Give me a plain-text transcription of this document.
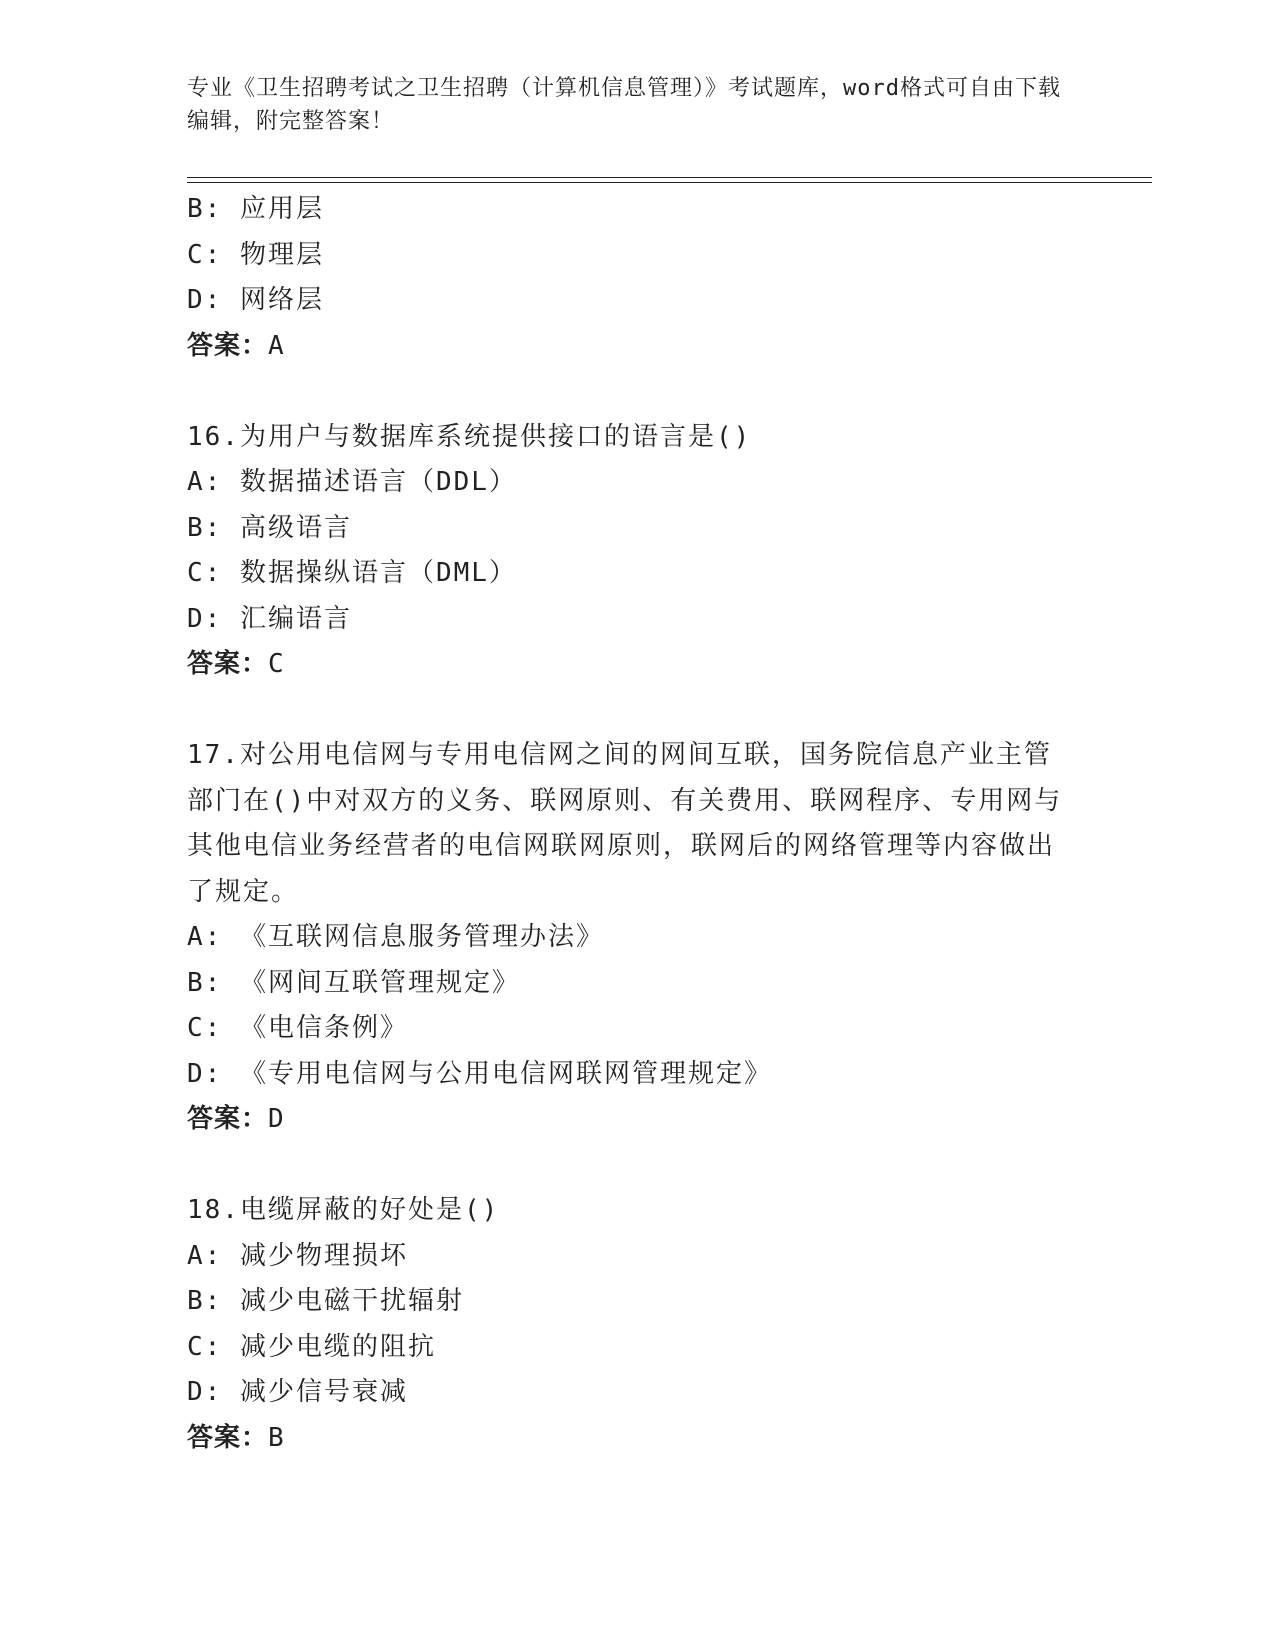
专业《卫生招聘考试之卫生招聘（计算机信息管理）》考试题库，word格式可自由下载编辑，附完整答案！
B: 应用层
C: 物理层
D: 网络层
答案：A
16.为用户与数据库系统提供接口的语言是()
A: 数据描述语言（DDL）
B: 高级语言
C: 数据操纵语言（DML）
D: 汇编语言
答案：C
17.对公用电信网与专用电信网之间的网间互联，国务院信息产业主管部门在()中对双方的义务、联网原则、有关费用、联网程序、专用网与其他电信业务经营者的电信网联网原则，联网后的网络管理等内容做出了规定。
A: 《互联网信息服务管理办法》
B: 《网间互联管理规定》
C: 《电信条例》
D: 《专用电信网与公用电信网联网管理规定》
答案：D
18.电缆屏蔽的好处是()
A: 减少物理损坏
B: 减少电磁干扰辐射
C: 减少电缆的阻抗
D: 减少信号衰减
答案：B
